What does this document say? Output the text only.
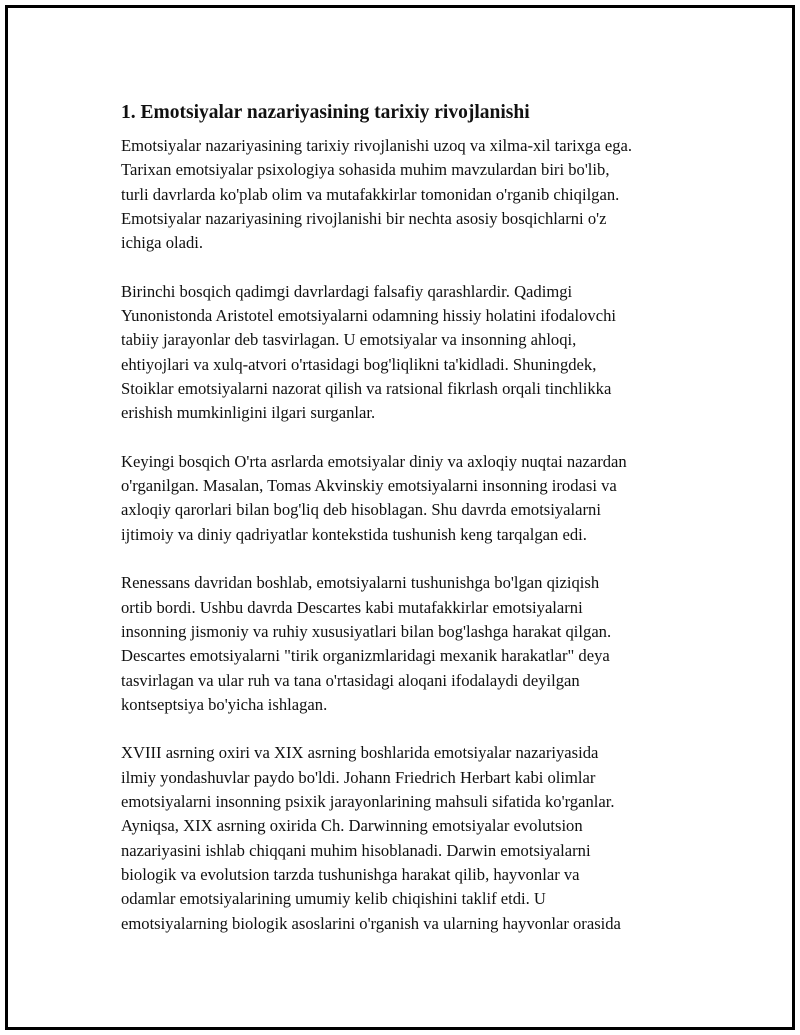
1. Emotsiyalar nazariyasining tarixiy rivojlanishi

Emotsiyalar nazariyasining tarixiy rivojlanishi uzoq va xilma-xil tarixga ega.
Tarixan emotsiyalar psixologiya sohasida muhim mavzulardan biri bo'lib,
turli davrlarda ko'plab olim va mutafakkirlar tomonidan o'rganib chiqilgan.
Emotsiyalar nazariyasining rivojlanishi bir nechta asosiy bosqichlarni o'z
ichiga oladi.

Birinchi bosqich qadimgi davrlardagi falsafiy qarashlardir. Qadimgi
Yunonistonda Aristotel emotsiyalarni odamning hissiy holatini ifodalovchi
tabiiy jarayonlar deb tasvirlagan. U emotsiyalar va insonning ahloqi,
ehtiyojlari va xulq-atvori o'rtasidagi bog'liqlikni ta'kidladi. Shuningdek,
Stoiklar emotsiyalarni nazorat qilish va ratsional fikrlash orqali tinchlikka
erishish mumkinligini ilgari surganlar.

Keyingi bosqich O'rta asrlarda emotsiyalar diniy va axloqiy nuqtai nazardan
o'rganilgan. Masalan, Tomas Akvinskiy emotsiyalarni insonning irodasi va
axloqiy qarorlari bilan bog'liq deb hisoblagan. Shu davrda emotsiyalarni
ijtimoiy va diniy qadriyatlar kontekstida tushunish keng tarqalgan edi.

Renessans davridan boshlab, emotsiyalarni tushunishga bo'lgan qiziqish
ortib bordi. Ushbu davrda Descartes kabi mutafakkirlar emotsiyalarni
insonning jismoniy va ruhiy xususiyatlari bilan bog'lashga harakat qilgan.
Descartes emotsiyalarni "tirik organizmlaridagi mexanik harakatlar" deya
tasvirlagan va ular ruh va tana o'rtasidagi aloqani ifodalaydi deyilgan
kontseptsiya bo'yicha ishlagan.

XVIII asrning oxiri va XIX asrning boshlarida emotsiyalar nazariyasida
ilmiy yondashuvlar paydo bo'ldi. Johann Friedrich Herbart kabi olimlar
emotsiyalarni insonning psixik jarayonlarining mahsuli sifatida ko'rganlar.
Ayniqsa, XIX asrning oxirida Ch. Darwinning emotsiyalar evolutsion
nazariyasini ishlab chiqqani muhim hisoblanadi. Darwin emotsiyalarni
biologik va evolutsion tarzda tushunishga harakat qilib, hayvonlar va
odamlar emotsiyalarining umumiy kelib chiqishini taklif etdi. U
emotsiyalarning biologik asoslarini o'rganish va ularning hayvonlar orasida
